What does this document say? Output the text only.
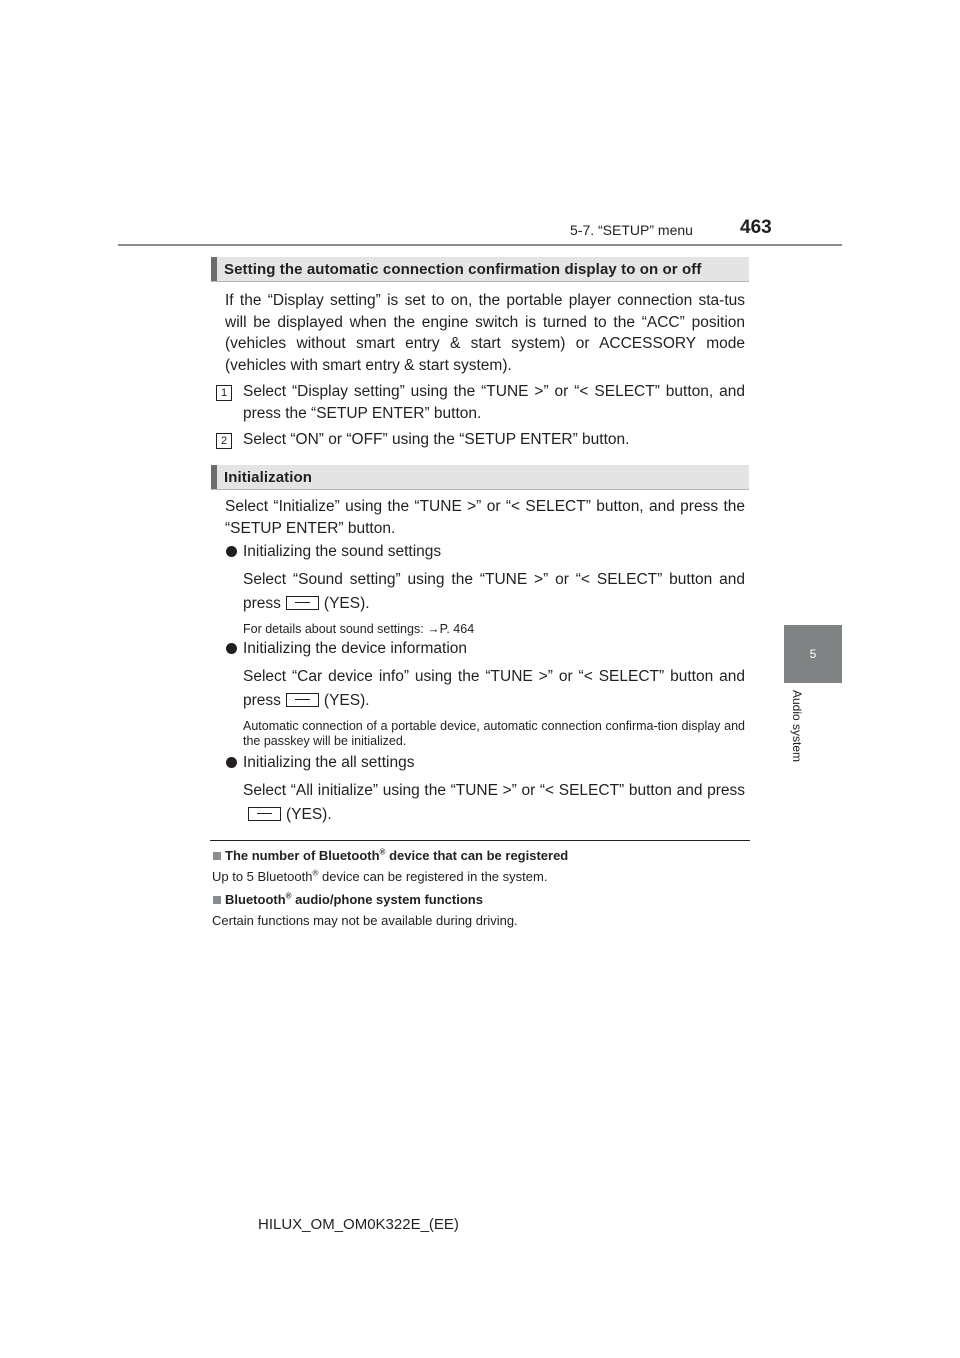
5-7. “SETUP” menu 463
5
Audio system
Setting the automatic connection confirmation display to on or off
If the “Display setting” is set to on, the portable player connection sta-tus will be displayed when the engine switch is turned to the “ACC” position (vehicles without smart entry & start system) or ACCESSORY mode (vehicles with smart entry & start system).
1	Select “Display setting” using the “TUNE >” or “< SELECT” button, and press the “SETUP ENTER” button.
2	Select “ON” or “OFF” using the “SETUP ENTER” button.
Initialization
Select “Initialize” using the “TUNE >” or “< SELECT” button, and press the “SETUP ENTER” button.
Initializing the sound settings
Select “Sound setting” using the “TUNE >” or “< SELECT” button and press	(YES).
For details about sound settings: →P. 464
Initializing the device information
Select “Car device info” using the “TUNE >” or “< SELECT” button and press	(YES).
Automatic connection of a portable device, automatic connection confirma-tion display and the passkey will be initialized.
Initializing the all settings
Select “All initialize” using the “TUNE >” or “< SELECT” button and press(YES).
The number of Bluetooth® device that can be registered
Up to 5 Bluetooth® device can be registered in the system.
Bluetooth® audio/phone system functions
Certain functions may not be available during driving.
HILUX_OM_OM0K322E_(EE)
